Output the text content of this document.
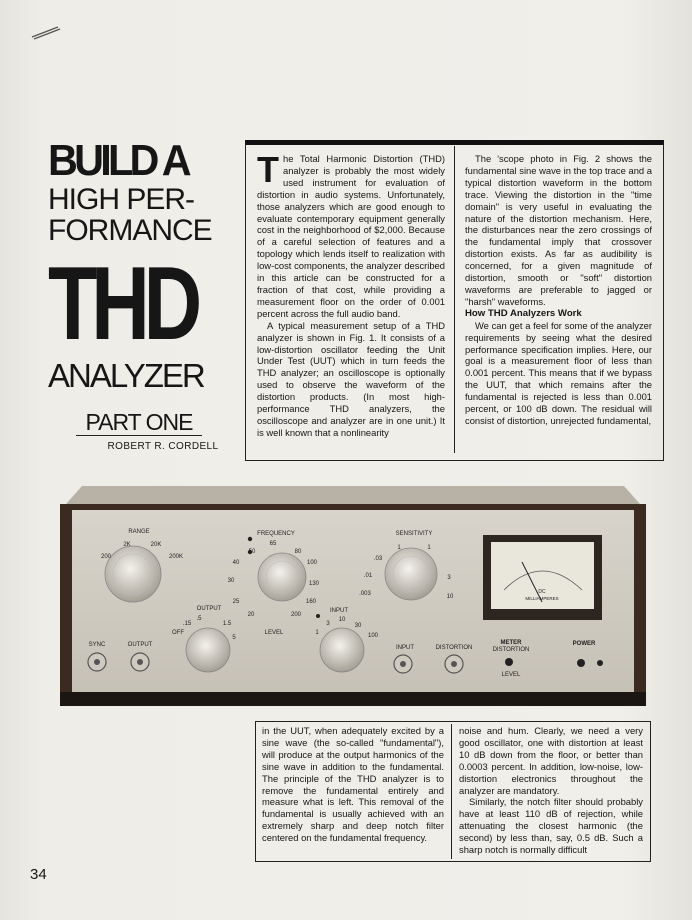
BUILD A
HIGH PER-
FORMANCE
THD
ANALYZER
PART ONE
ROBERT R. CORDELL

The Total Harmonic Distortion (THD) analyzer is probably the most widely used instrument for evaluation of distortion in audio systems. Unfortunately, those analyzers which are good enough to evaluate contemporary equipment generally cost in the neighborhood of $2,000. Because of a careful selection of features and a topology which lends itself to realization with low-cost components, the analyzer described in this article can be constructed for a fraction of that cost, while providing a measurement floor on the order of 0.001 percent across the full audio band.

A typical measurement setup of a THD analyzer is shown in Fig. 1. It consists of a low-distortion oscillator feeding the Unit Under Test (UUT) which in turn feeds the THD analyzer; an oscilloscope is optionally used to observe the waveform of the distortion products. (In most high-performance THD analyzers, the oscilloscope and analyzer are in one unit.) It is well known that a nonlinearity

The 'scope photo in Fig. 2 shows the fundamental sine wave in the top trace and a typical distortion waveform in the bottom trace. Viewing the distortion in the "time domain" is very useful in evaluating the nature of the distortion mechanism. Here, the disturbances near the zero crossings of the fundamental imply that crossover distortion exists. As far as audibility is concerned, for a given magnitude of distortion, smooth or "soft" distortion waveforms are preferable to jagged or "harsh" waveforms.

How THD Analyzers Work

We can get a feel for some of the analyzer requirements by seeing what the desired performance specification implies. Here, our goal is a measurement floor of less than 0.001 percent. This means that if we bypass the UUT, that which remains after the fundamental is rejected is less than 0.001 percent, or 100 dB down. The residual will consist of distortion, unrejected fundamental,

RANGE
2K	20K
200	200K
FREQUENCY
65
50	80
40	100
30	130
25	160
20	200
SENSITIVITY
.03
1	1
.01	3
.003	10
OUTPUT
.5
1.5
.15
5
OFF	LEVEL
INPUT
10
3	30
1	100
SYNC	OUTPUT	INPUT	DISTORTION
METER
DISTORTION
LEVEL
POWER
DC
MILLIAMPERES

in the UUT, when adequately excited by a sine wave (the so-called "fundamental"), will produce at the output harmonics of the sine wave in addition to the fundamental. The principle of the THD analyzer is to remove the fundamental entirely and measure what is left. This removal of the fundamental is usually achieved with an extremely sharp and deep notch filter centered on the fundamental frequency.

noise and hum. Clearly, we need a very good oscillator, one with distortion at least 10 dB down from the floor, or better than 0.0003 percent. In addition, low-noise, low-distortion electronics throughout the analyzer are mandatory.

Similarly, the notch filter should probably have at least 110 dB of rejection, while attenuating the closest harmonic (the second) by less than, say, 0.5 dB. Such a sharp notch is normally difficult

34
